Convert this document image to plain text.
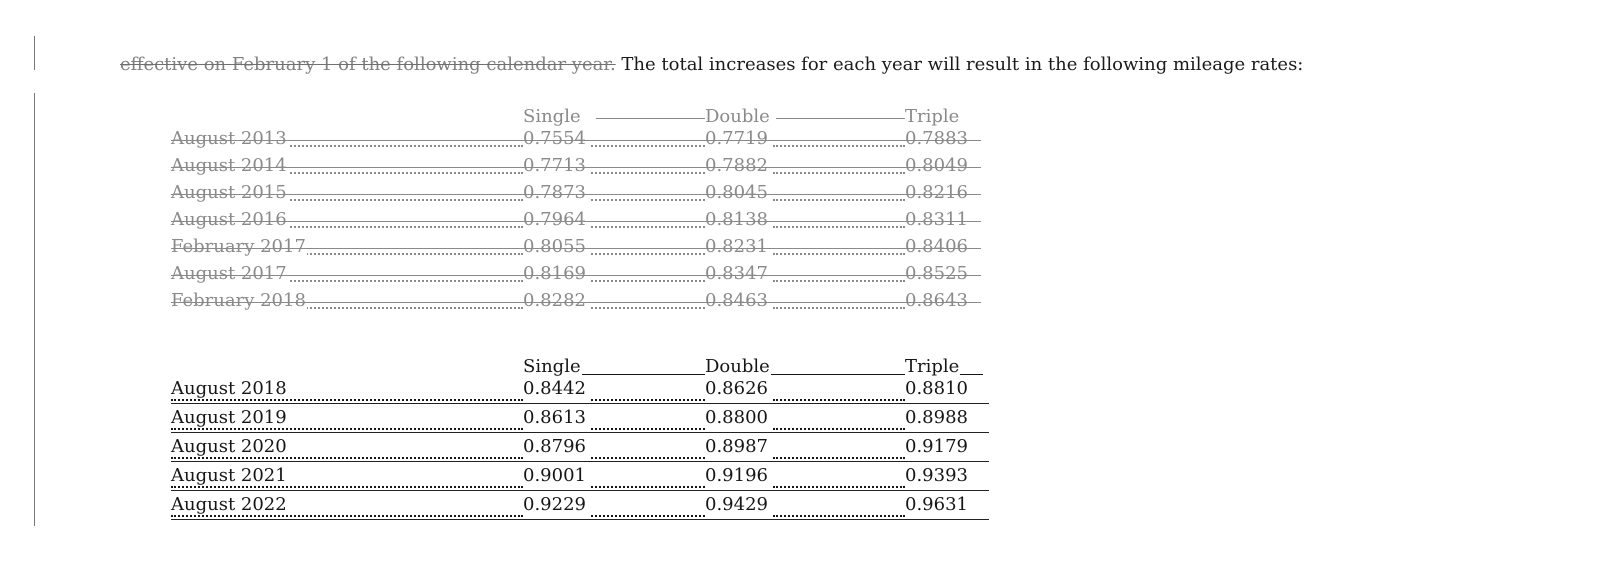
effective on February 1 of the following calendar year. The total increases for each year will result in the following mileage rates:
Single	Double	Triple
August 2013	0.7554	0.7719	0.7883
August 2014	0.7713	0.7882	0.8049
August 2015	0.7873	0.8045	0.8216
August 2016	0.7964	0.8138	0.8311
February 2017	0.8055	0.8231	0.8406
August 2017	0.8169	0.8347	0.8525
February 2018	0.8282	0.8463	0.8643
Single	Double	Triple
August 2018	0.8442	0.8626	0.8810
August 2019	0.8613	0.8800	0.8988
August 2020	0.8796	0.8987	0.9179
August 2021	0.9001	0.9196	0.9393
August 2022	0.9229	0.9429	0.9631
